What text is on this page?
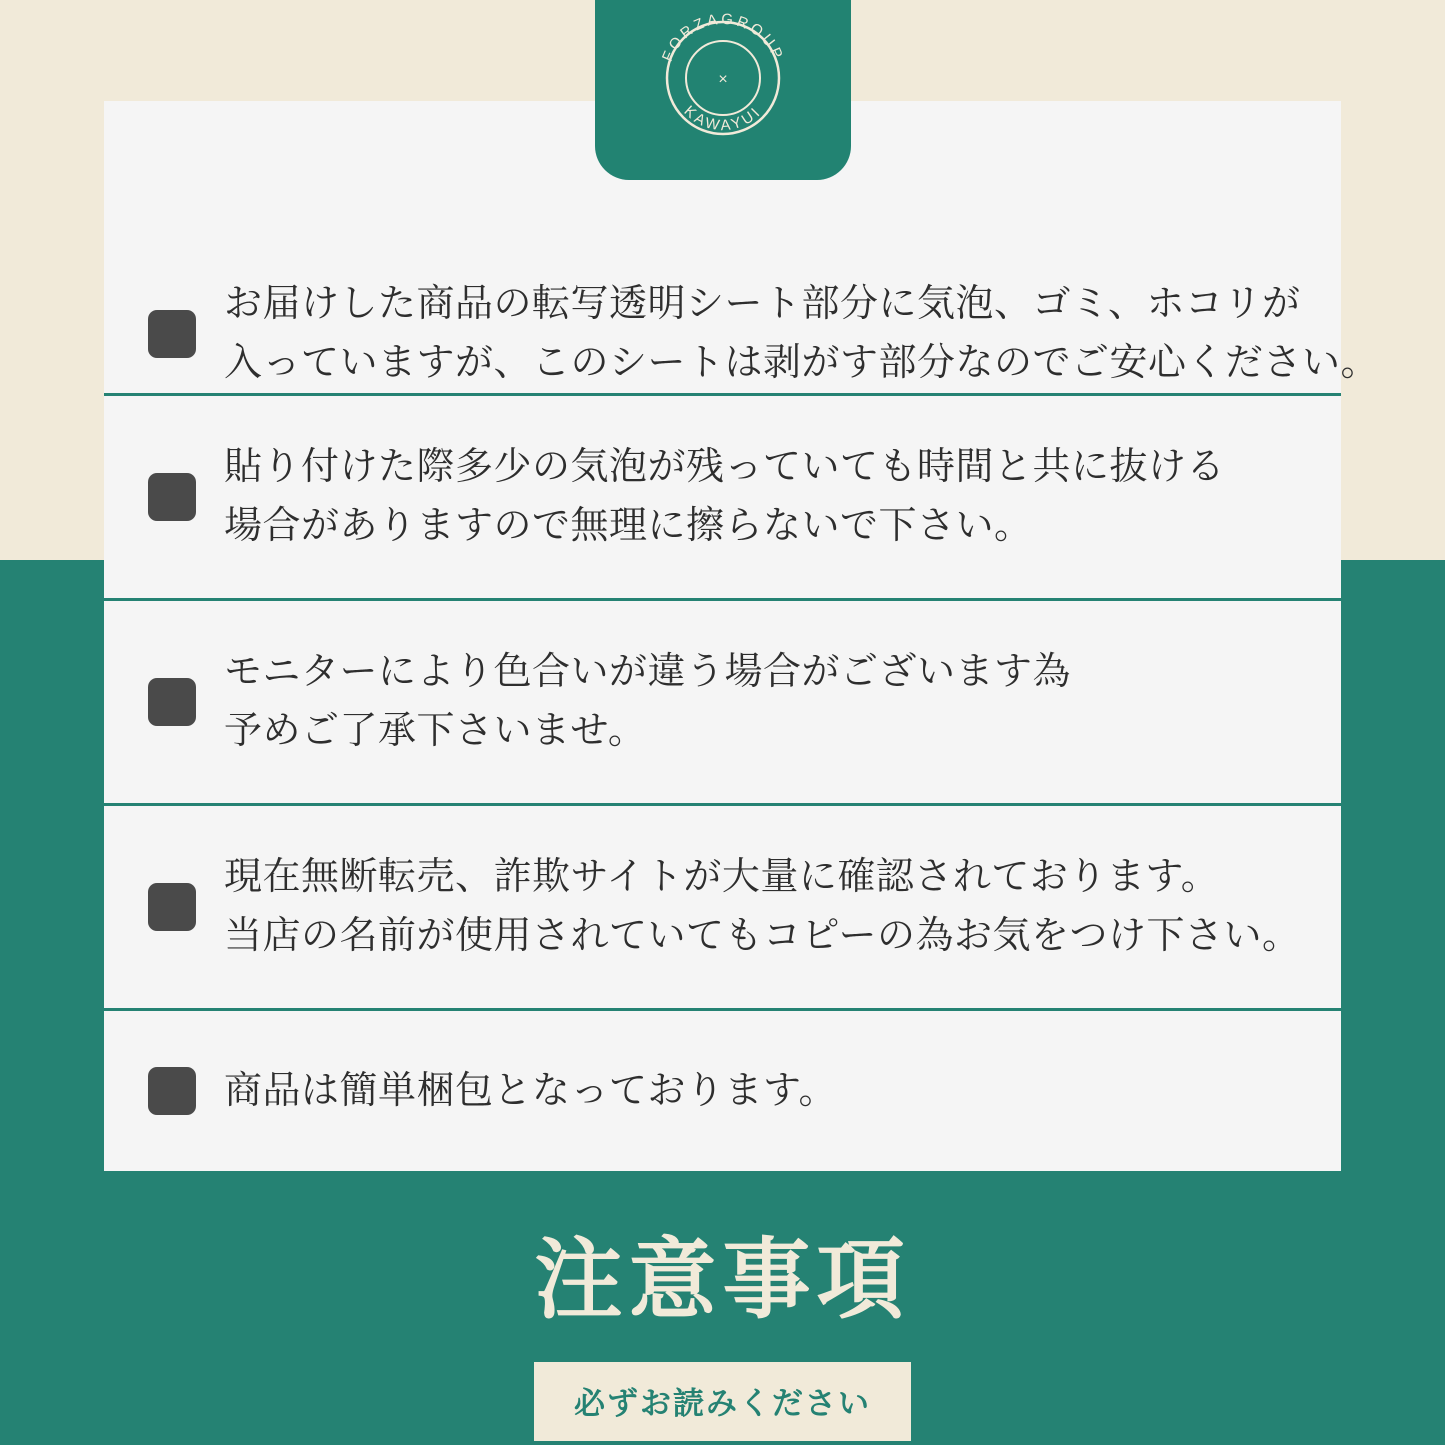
FORZAGROUP
KAWAYUI
×
お届けした商品の転写透明シート部分に気泡、ゴミ、ホコリが
入っていますが、このシートは剥がす部分なのでご安心ください。
貼り付けた際多少の気泡が残っていても時間と共に抜ける
場合がありますので無理に擦らないで下さい。
モニターにより色合いが違う場合がございます為
予めご了承下さいませ。
現在無断転売、詐欺サイトが大量に確認されております。
当店の名前が使用されていてもコピーの為お気をつけ下さい。
商品は簡単梱包となっております。
注意事項
必ずお読みください
